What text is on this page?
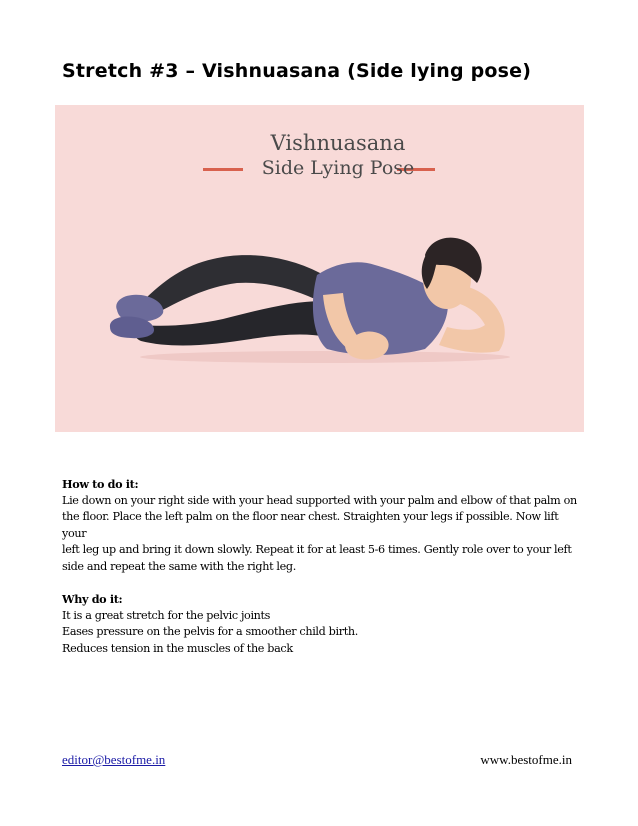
Stretch #3 – Vishnuasana (Side lying pose)
Vishnuasana
Side Lying Pose

How to do it:

Lie down on your right side with your head supported with your palm and elbow of that palm on

the floor. Place the left palm on the floor near chest. Straighten your legs if possible. Now lift your

left leg up and bring it down slowly. Repeat it for at least 5-6 times. Gently role over to your left

side and repeat the same with the right leg.

Why do it:

It is a great stretch for the pelvic joints

Eases pressure on the pelvis for a smoother child birth.

Reduces tension in the muscles of the back

editor@bestofme.in	www.bestofme.in
